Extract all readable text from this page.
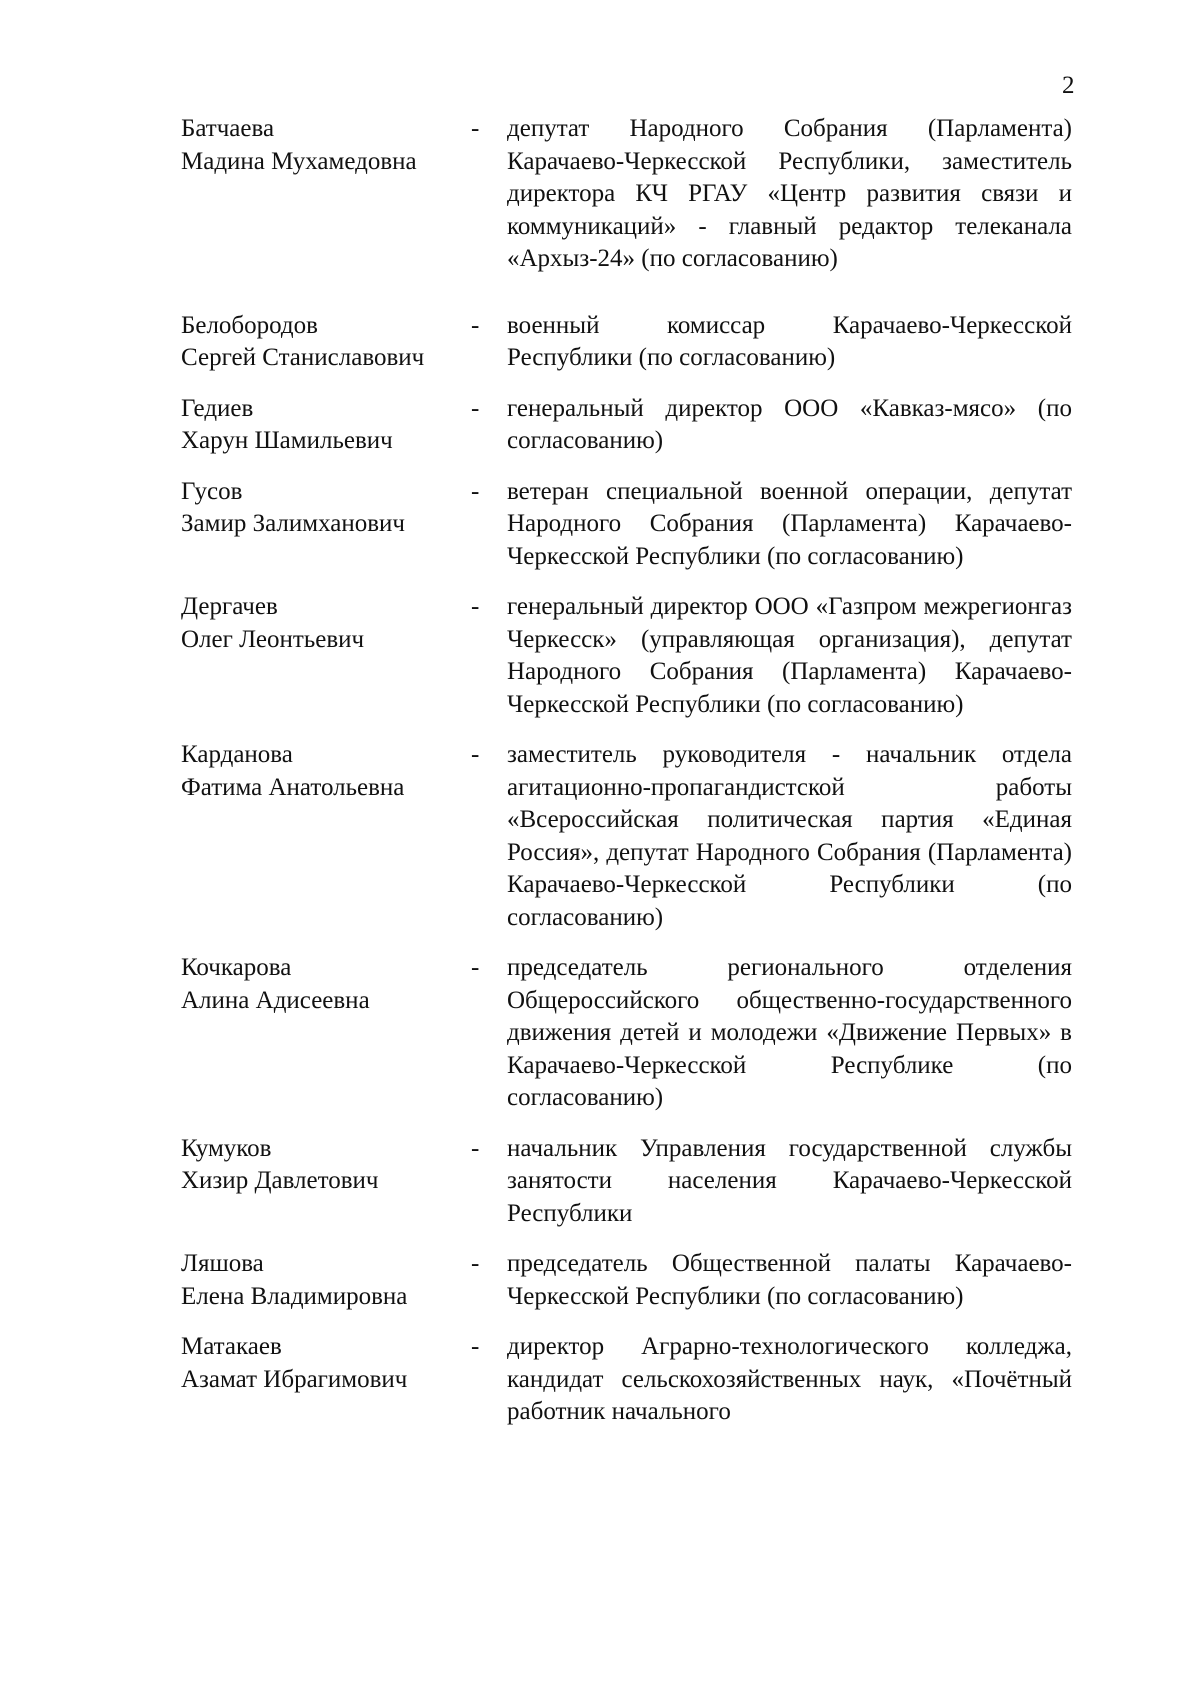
2
Батчаева
Мадина Мухамедовна
-	депутат Народного Собрания (Парламента) Карачаево-Черкесской Республики, заместитель директора КЧ РГАУ «Центр развития связи и коммуникаций» - главный редактор телеканала «Архыз-24» (по согласованию)
Белобородов
Сергей Станиславович
-	военный комиссар Карачаево-Черкесской Республики (по согласованию)
Гедиев
Харун Шамильевич
-	генеральный директор ООО «Кавказ-мясо» (по согласованию)
Гусов
Замир Залимханович
-	ветеран специальной военной операции, депутат Народного Собрания (Парламента) Карачаево-Черкесской Республики (по согласованию)
Дергачев
Олег Леонтьевич
-	генеральный директор ООО «Газпром межрегионгаз Черкесск» (управляющая организация), депутат Народного Собрания (Парламента) Карачаево-Черкесской Республики (по согласованию)
Карданова
Фатима Анатольевна
-	заместитель руководителя - начальник отдела агитационно-пропагандистской работы «Всероссийская политическая партия «Единая Россия», депутат Народного Собрания (Парламента) Карачаево-Черкесской Республики (по согласованию)
Кочкарова
Алина Адисеевна
-	председатель регионального отделения Общероссийского общественно-государственного движения детей и молодежи «Движение Первых» в Карачаево-Черкесской Республике (по согласованию)
Кумуков
Хизир Давлетович
-	начальник Управления государственной службы занятости населения Карачаево-Черкесской Республики
Ляшова
Елена Владимировна
-	председатель Общественной палаты Карачаево-Черкесской Республики (по согласованию)
Матакаев
Азамат Ибрагимович
-	директор Аграрно-технологического колледжа, кандидат сельскохозяйственных наук, «Почётный работник начального
